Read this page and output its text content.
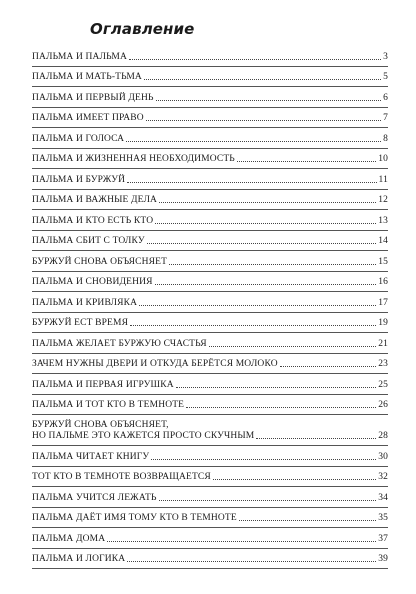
Оглавление
ПАЛЬМА И ПАЛЬМА	3
ПАЛЬМА И МАТЬ-ТЬМА	5
ПАЛЬМА И ПЕРВЫЙ ДЕНЬ	6
ПАЛЬМА ИМЕЕТ ПРАВО	7
ПАЛЬМА И ГОЛОСА	8
ПАЛЬМА И ЖИЗНЕННАЯ НЕОБХОДИМОСТЬ	10
ПАЛЬМА И БУРЖУЙ	11
ПАЛЬМА И ВАЖНЫЕ ДЕЛА	12
ПАЛЬМА И КТО ЕСТЬ КТО	13
ПАЛЬМА СБИТ С ТОЛКУ	14
БУРЖУЙ СНОВА ОБЪЯСНЯЕТ	15
ПАЛЬМА И СНОВИДЕНИЯ	16
ПАЛЬМА И КРИВЛЯКА	17
БУРЖУЙ ЕСТ ВРЕМЯ	19
ПАЛЬМА ЖЕЛАЕТ БУРЖУЮ СЧАСТЬЯ	21
ЗАЧЕМ НУЖНЫ ДВЕРИ И ОТКУДА БЕРЁТСЯ МОЛОКО	23
ПАЛЬМА И ПЕРВАЯ ИГРУШКА	25
ПАЛЬМА И ТОТ КТО В ТЕМНОТЕ	26
БУРЖУЙ СНОВА ОБЪЯСНЯЕТ,
НО ПАЛЬМЕ ЭТО КАЖЕТСЯ ПРОСТО СКУЧНЫМ	28
ПАЛЬМА ЧИТАЕТ КНИГУ	30
ТОТ КТО В ТЕМНОТЕ ВОЗВРАЩАЕТСЯ	32
ПАЛЬМА УЧИТСЯ ЛЕЖАТЬ	34
ПАЛЬМА ДАЁТ ИМЯ ТОМУ КТО В ТЕМНОТЕ	35
ПАЛЬМА ДОМА	37
ПАЛЬМА И ЛОГИКА	39
